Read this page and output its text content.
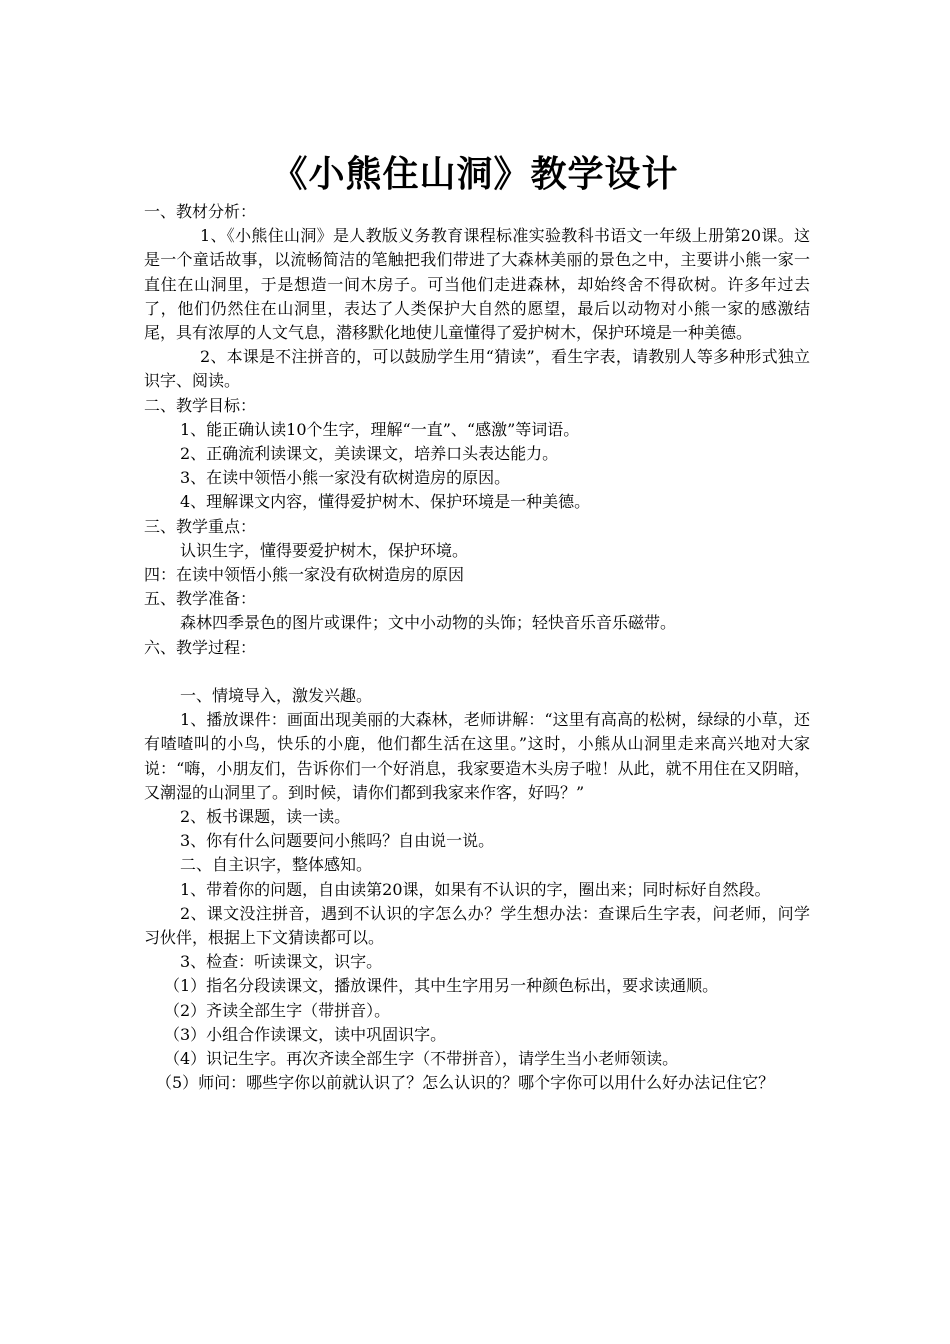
《小熊住山洞》教学设计

一、教材分析：

1、《小熊住山洞》是人教版义务教育课程标准实验教科书语文一年级上册第20课。这是一个童话故事，以流畅简洁的笔触把我们带进了大森林美丽的景色之中，主要讲小熊一家一直住在山洞里，于是想造一间木房子。可当他们走进森林，却始终舍不得砍树。许多年过去了，他们仍然住在山洞里，表达了人类保护大自然的愿望，最后以动物对小熊一家的感激结尾，具有浓厚的人文气息，潜移默化地使儿童懂得了爱护树木，保护环境是一种美德。

2、本课是不注拼音的，可以鼓励学生用“猜读”，看生字表，请教别人等多种形式独立识字、阅读。

二、教学目标：

1、能正确认读10个生字，理解“一直”、“感激”等词语。

2、正确流利读课文，美读课文，培养口头表达能力。

3、在读中领悟小熊一家没有砍树造房的原因。

4、理解课文内容，懂得爱护树木、保护环境是一种美德。

三、教学重点：

认识生字，懂得要爱护树木，保护环境。

四：在读中领悟小熊一家没有砍树造房的原因

五、教学准备：

森林四季景色的图片或课件；文中小动物的头饰；轻快音乐音乐磁带。

六、教学过程：

一、情境导入，激发兴趣。

1、播放课件：画面出现美丽的大森林，老师讲解：“这里有高高的松树，绿绿的小草，还有喳喳叫的小鸟，快乐的小鹿，他们都生活在这里。”这时，小熊从山洞里走来高兴地对大家说：“嗨，小朋友们，告诉你们一个好消息，我家要造木头房子啦！从此，就不用住在又阴暗，又潮湿的山洞里了。到时候，请你们都到我家来作客，好吗？”

2、板书课题，读一读。

3、你有什么问题要问小熊吗？自由说一说。

二、自主识字，整体感知。

1、带着你的问题，自由读第20课，如果有不认识的字，圈出来；同时标好自然段。

2、课文没注拼音，遇到不认识的字怎么办？学生想办法：查课后生字表，问老师，问学习伙伴，根据上下文猜读都可以。

3、检查：听读课文，识字。

（1）指名分段读课文，播放课件，其中生字用另一种颜色标出，要求读通顺。

（2）齐读全部生字（带拼音）。

（3）小组合作读课文，读中巩固识字。

（4）识记生字。再次齐读全部生字（不带拼音），请学生当小老师领读。

（5）师问：哪些字你以前就认识了？怎么认识的？哪个字你可以用什么好办法记住它？
